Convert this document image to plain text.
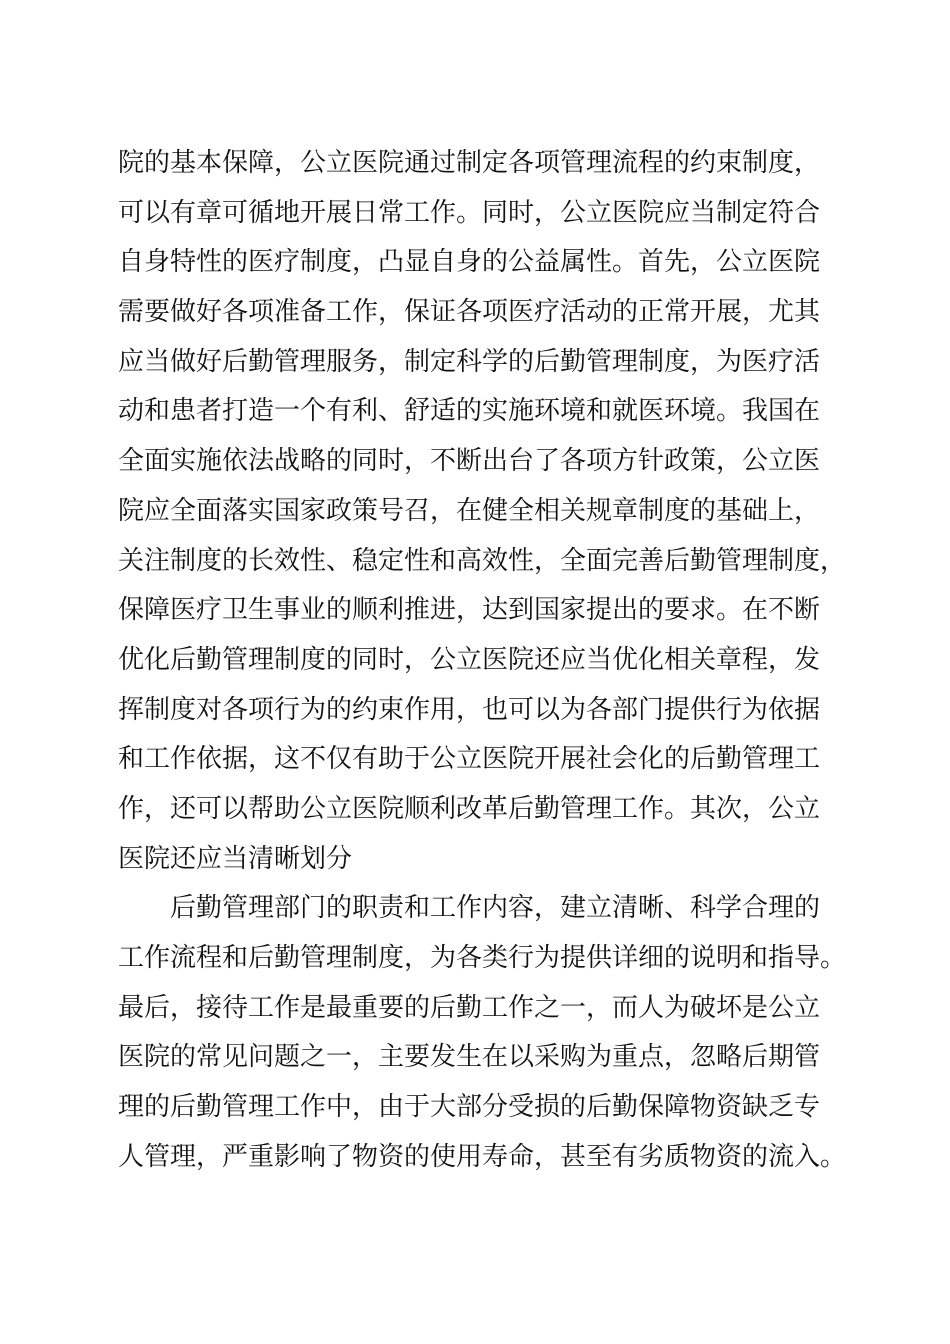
院的基本保障，公立医院通过制定各项管理流程的约束制度，
可以有章可循地开展日常工作。同时，公立医院应当制定符合
自身特性的医疗制度，凸显自身的公益属性。首先，公立医院
需要做好各项准备工作，保证各项医疗活动的正常开展，尤其
应当做好后勤管理服务，制定科学的后勤管理制度，为医疗活
动和患者打造一个有利、舒适的实施环境和就医环境。我国在
全面实施依法战略的同时，不断出台了各项方针政策，公立医
院应全面落实国家政策号召，在健全相关规章制度的基础上，
关注制度的长效性、稳定性和高效性，全面完善后勤管理制度，
保障医疗卫生事业的顺利推进，达到国家提出的要求。在不断
优化后勤管理制度的同时，公立医院还应当优化相关章程，发
挥制度对各项行为的约束作用，也可以为各部门提供行为依据
和工作依据，这不仅有助于公立医院开展社会化的后勤管理工
作，还可以帮助公立医院顺利改革后勤管理工作。其次，公立
医院还应当清晰划分
后勤管理部门的职责和工作内容，建立清晰、科学合理的
工作流程和后勤管理制度，为各类行为提供详细的说明和指导。
最后，接待工作是最重要的后勤工作之一，而人为破坏是公立
医院的常见问题之一，主要发生在以采购为重点，忽略后期管
理的后勤管理工作中，由于大部分受损的后勤保障物资缺乏专
人管理，严重影响了物资的使用寿命，甚至有劣质物资的流入。
